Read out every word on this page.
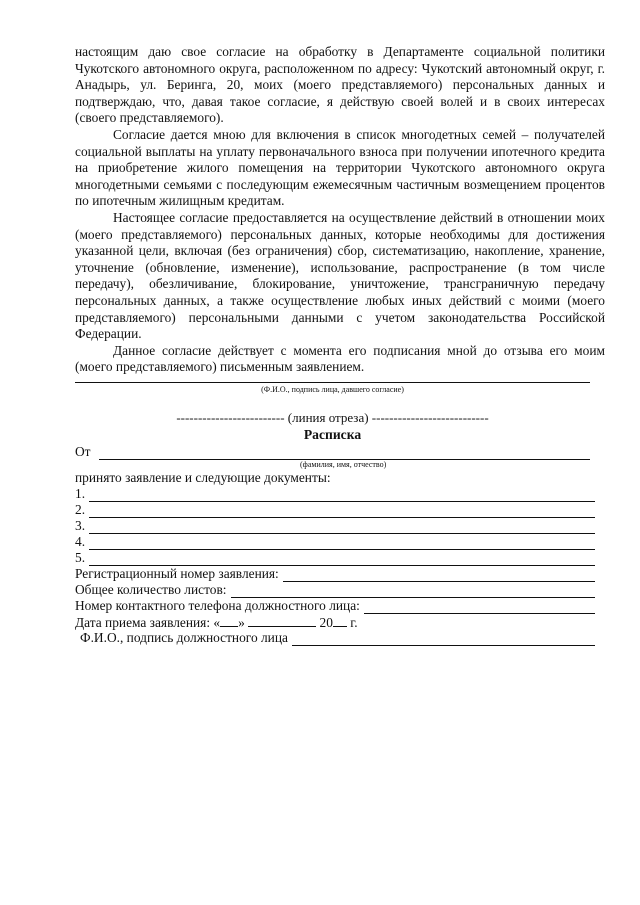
настоящим даю свое согласие на обработку в Департаменте социальной политики Чукотского автономного округа, расположенном по адресу: Чукотский автономный округ, г. Анадырь, ул. Беринга, 20, моих (моего представляемого) персональных данных и подтверждаю, что, давая такое согласие, я действую своей волей и в своих интересах (своего представляемого).

Согласие дается мною для включения в список многодетных семей – получателей социальной выплаты на уплату первоначального взноса при получении ипотечного кредита на приобретение жилого помещения на территории Чукотского автономного округа многодетными семьями с последующим ежемесячным частичным возмещением процентов по ипотечным жилищным кредитам.

Настоящее согласие предоставляется на осуществление действий в отношении моих (моего представляемого) персональных данных, которые необходимы для достижения указанной цели, включая (без ограничения) сбор, систематизацию, накопление, хранение, уточнение (обновление, изменение), использование, распространение (в том числе передачу), обезличивание, блокирование, уничтожение, трансграничную передачу персональных данных, а также осуществление любых иных действий с моими (моего представляемого) персональными данными с учетом законодательства Российской Федерации.

Данное согласие действует с момента его подписания мной до отзыва его моим (моего представляемого) письменным заявлением.

(Ф.И.О., подпись лица, давшего согласие)
------------------------- (линия отреза) ---------------------------
Расписка
От
(фамилия, имя, отчество)
принято заявление и следующие документы:
1.
2.
3.
4.
5.
Регистрационный номер заявления:
Общее количество листов:
Номер контактного телефона должностного лица:
Дата приема заявления: « »	20 г.
Ф.И.О., подпись должностного лица
